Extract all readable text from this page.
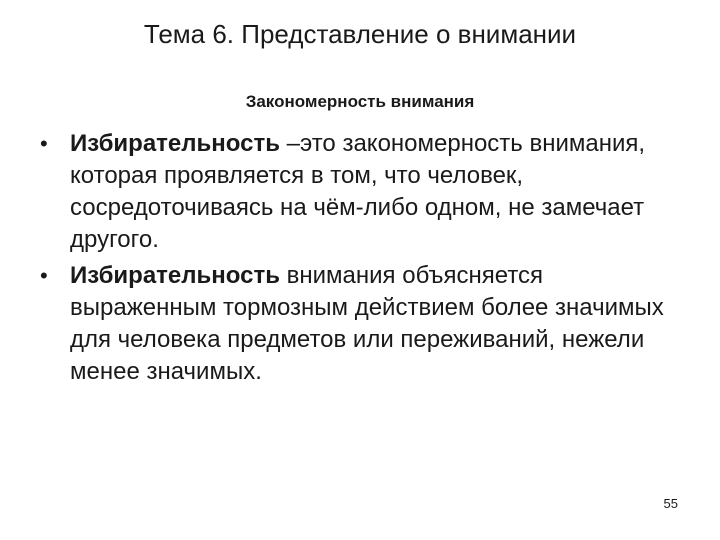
Тема 6. Представление о внимании
Закономерность внимания
• Избирательность –это закономерность внимания, которая проявляется в том, что человек, сосредоточиваясь на чём-либо одном, не замечает другого.
• Избирательность внимания объясняется выраженным тормозным действием более значимых для человека предметов или переживаний, нежели менее значимых.
55
